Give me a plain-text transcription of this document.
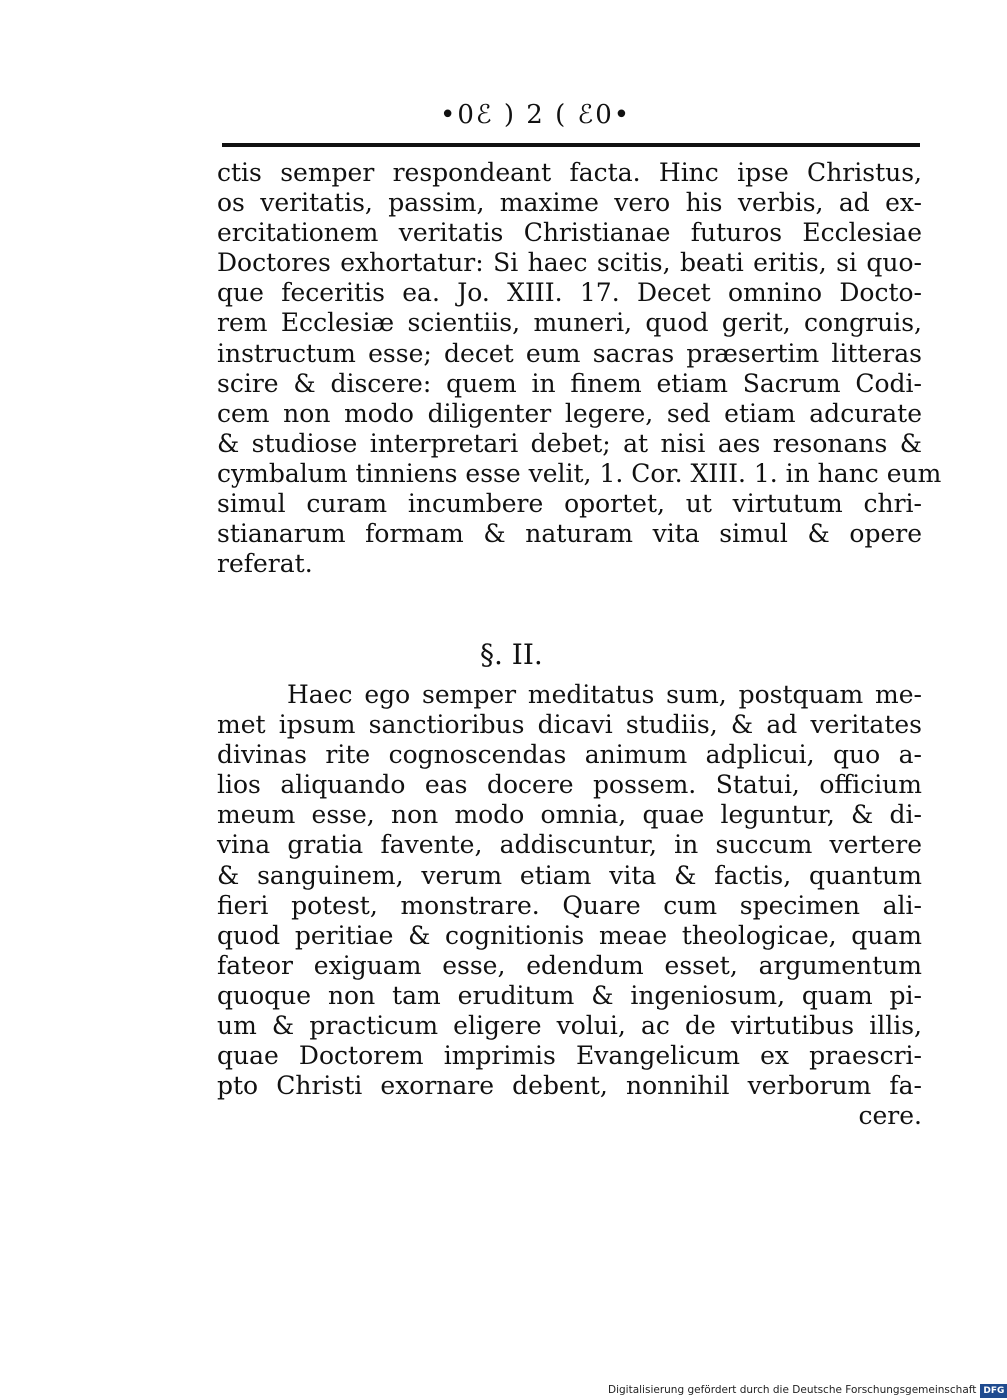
•0ℰ ) 2 ( ℰ0•
ctis semper respondeant facta. Hinc ipse Christus,
os veritatis, passim, maxime vero his verbis, ad ex-
ercitationem veritatis Christianae futuros Ecclesiae
Doctores exhortatur: Si haec scitis, beati eritis, si quo-
que feceritis ea. Jo. XIII. 17. Decet omnino Docto-
rem Ecclesiæ scientiis, muneri, quod gerit, congruis,
instructum esse; decet eum sacras præsertim litteras
scire & discere: quem in finem etiam Sacrum Codi-
cem non modo diligenter legere, sed etiam adcurate
& studiose interpretari debet; at nisi aes resonans &
cymbalum tinniens esse velit, 1. Cor. XIII. 1. in hanc eum
simul curam incumbere oportet, ut virtutum chri-
stianarum formam & naturam vita simul & opere
referat.
§. II.
Haec ego semper meditatus sum, postquam me-
met ipsum sanctioribus dicavi studiis, & ad veritates
divinas rite cognoscendas animum adplicui, quo a-
lios aliquando eas docere possem. Statui, officium
meum esse, non modo omnia, quae leguntur, & di-
vina gratia favente, addiscuntur, in succum vertere
& sanguinem, verum etiam vita & factis, quantum
fieri potest, monstrare. Quare cum specimen ali-
quod peritiae & cognitionis meae theologicae, quam
fateor exiguam esse, edendum esset, argumentum
quoque non tam eruditum & ingeniosum, quam pi-
um & practicum eligere volui, ac de virtutibus illis,
quae Doctorem imprimis Evangelicum ex praescri-
pto Christi exornare debent, nonnihil verborum fa-
cere.
Digitalisierung gefördert durch die Deutsche Forschungsgemeinschaft DFG
